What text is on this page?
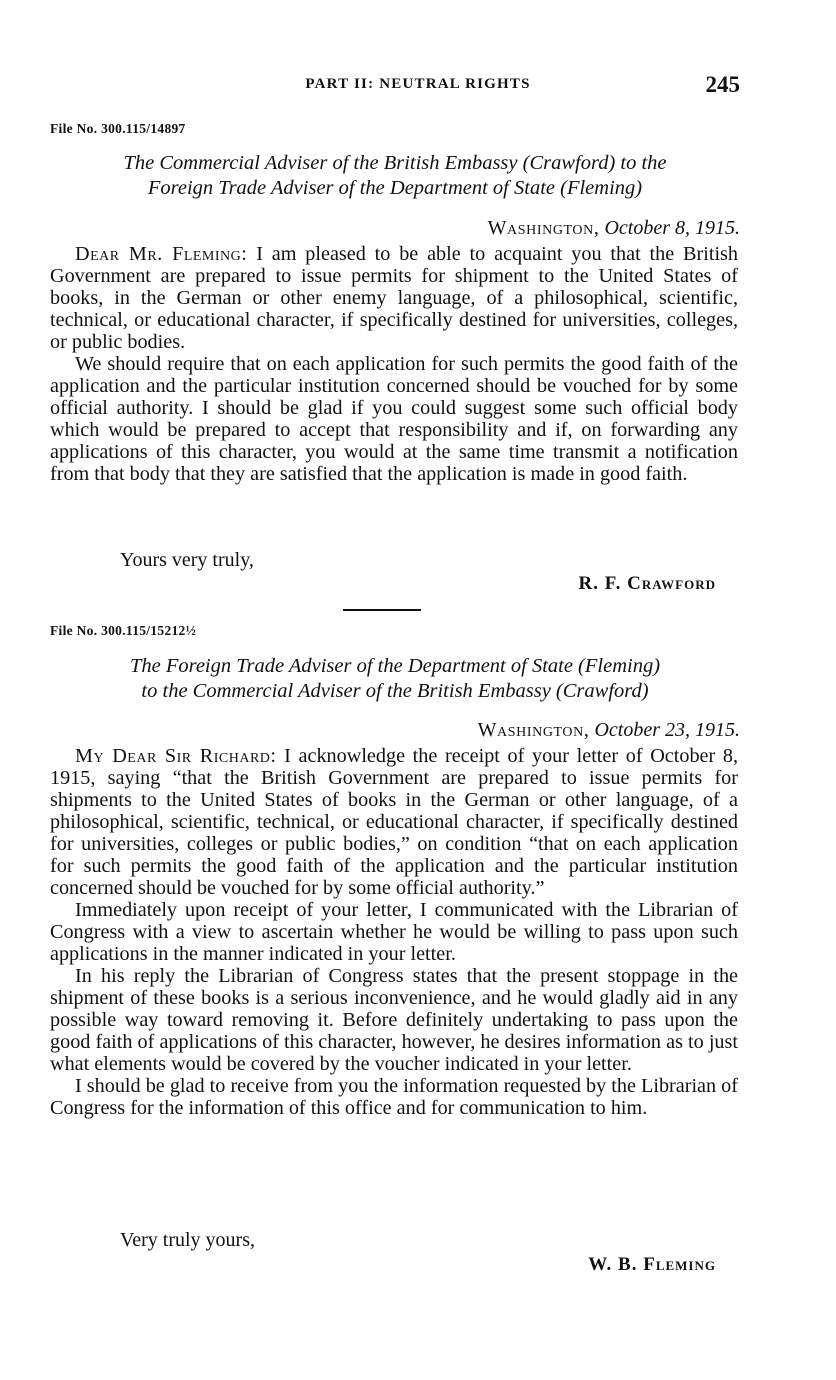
PART II: NEUTRAL RIGHTS	245
File No. 300.115/14897
The Commercial Adviser of the British Embassy (Crawford) to the
Foreign Trade Adviser of the Department of State (Fleming)
Washington, October 8, 1915.

Dear Mr. Fleming: I am pleased to be able to acquaint you that the British Government are prepared to issue permits for shipment to the United States of books, in the German or other enemy language, of a philosophical, scientific, technical, or educational character, if specifically destined for universities, colleges, or public bodies.

We should require that on each application for such permits the good faith of the application and the particular institution concerned should be vouched for by some official authority. I should be glad if you could suggest some such official body which would be prepared to accept that responsibility and if, on forwarding any applications of this character, you would at the same time transmit a notification from that body that they are satisfied that the application is made in good faith.

Yours very truly,
R. F. Crawford
File No. 300.115/15212½
The Foreign Trade Adviser of the Department of State (Fleming)
to the Commercial Adviser of the British Embassy (Crawford)
Washington, October 23, 1915.

My Dear Sir Richard: I acknowledge the receipt of your letter of October 8, 1915, saying “that the British Government are prepared to issue permits for shipments to the United States of books in the German or other language, of a philosophical, scientific, technical, or educational character, if specifically destined for universities, colleges or public bodies,” on condition “that on each application for such permits the good faith of the application and the particular institution concerned should be vouched for by some official authority.”

Immediately upon receipt of your letter, I communicated with the Librarian of Congress with a view to ascertain whether he would be willing to pass upon such applications in the manner indicated in your letter.

In his reply the Librarian of Congress states that the present stoppage in the shipment of these books is a serious inconvenience, and he would gladly aid in any possible way toward removing it. Before definitely undertaking to pass upon the good faith of applications of this character, however, he desires information as to just what elements would be covered by the voucher indicated in your letter.

I should be glad to receive from you the information requested by the Librarian of Congress for the information of this office and for communication to him.

Very truly yours,
W. B. Fleming
